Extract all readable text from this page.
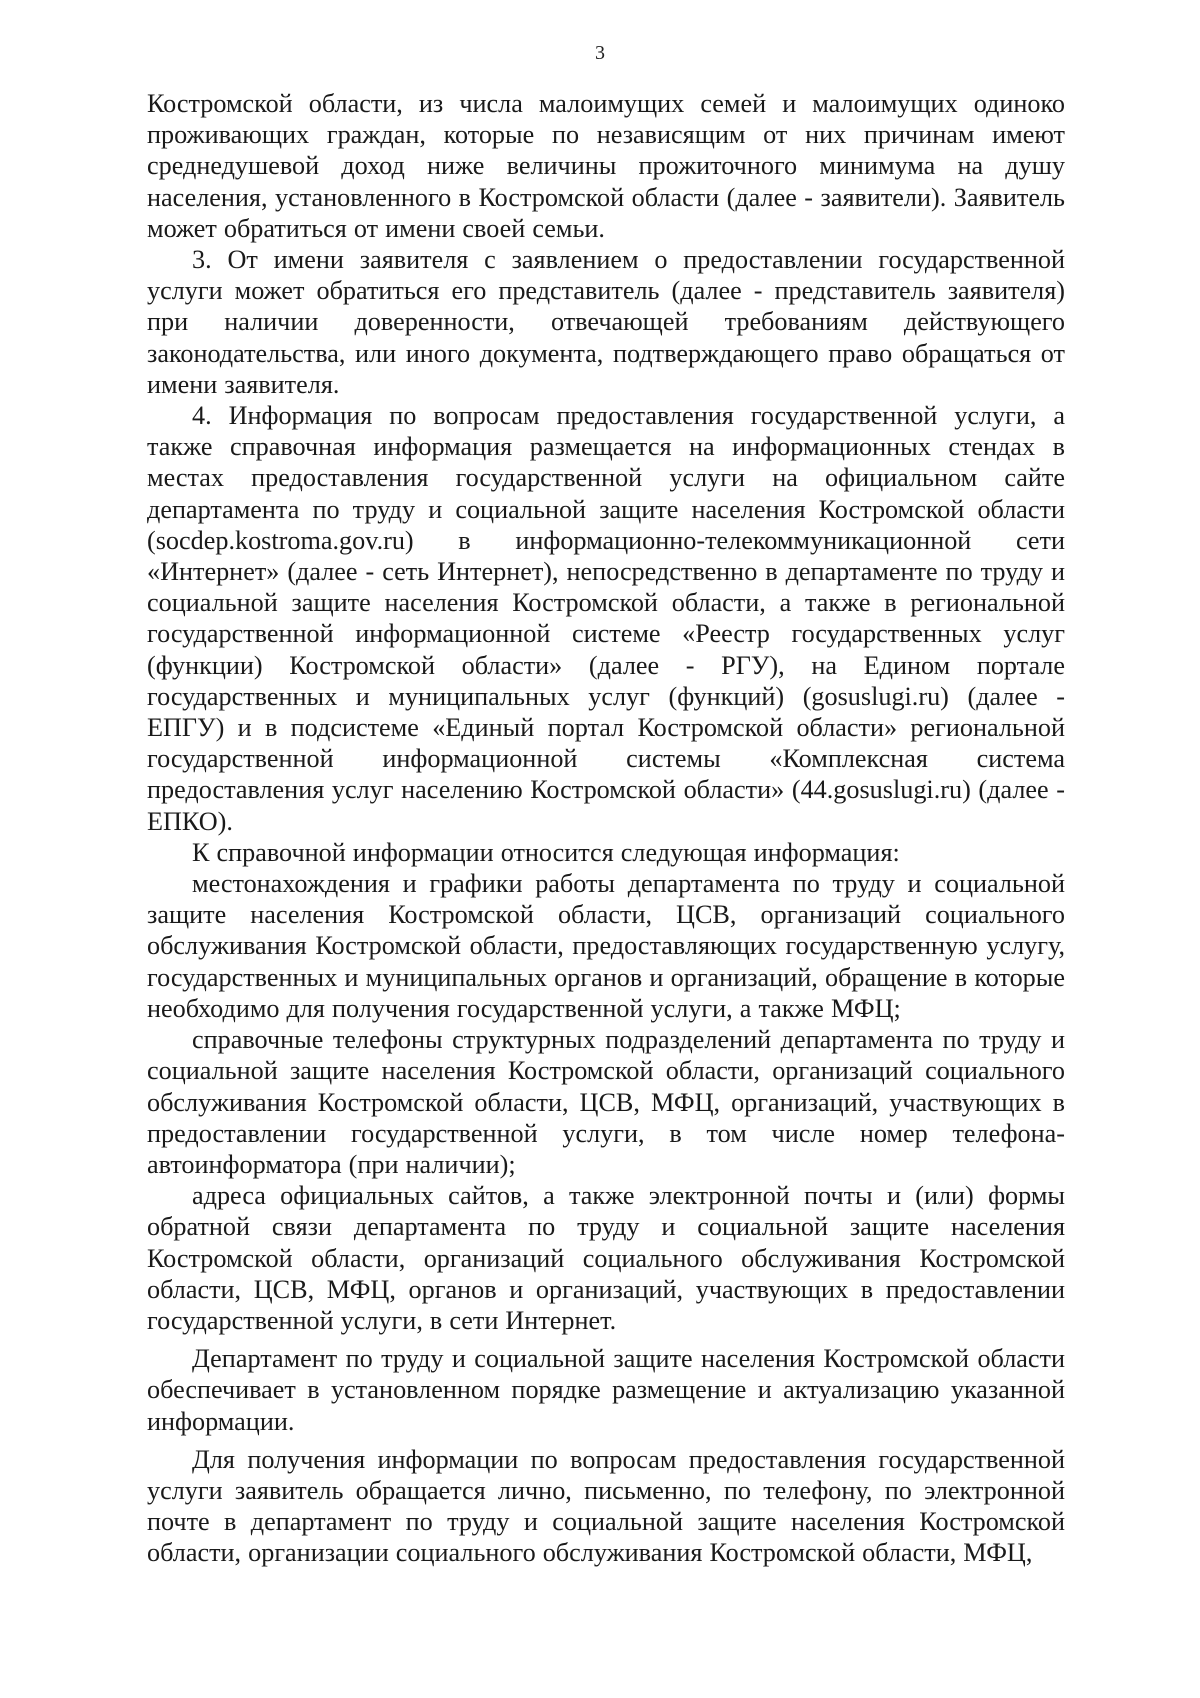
3

Костромской области, из числа малоимущих семей и малоимущих одиноко проживающих граждан, которые по независящим от них причинам имеют среднедушевой доход ниже величины прожиточного минимума на душу населения, установленного в Костромской области (далее - заявители). Заявитель может обратиться от имени своей семьи.

3. От имени заявителя с заявлением о предоставлении государственной услуги может обратиться его представитель (далее - представитель заявителя) при наличии доверенности, отвечающей требованиям действующего законодательства, или иного документа, подтверждающего право обращаться от имени заявителя.

4. Информация по вопросам предоставления государственной услуги, а также справочная информация размещается на информационных стендах в местах предоставления государственной услуги на официальном сайте департамента по труду и социальной защите населения Костромской области (socdep.kostroma.gov.ru) в информационно-телекоммуникационной сети «Интернет» (далее - сеть Интернет), непосредственно в департаменте по труду и социальной защите населения Костромской области, а также в региональной государственной информационной системе «Реестр государственных услуг (функции) Костромской области» (далее - РГУ), на Едином портале государственных и муниципальных услуг (функций) (gosuslugi.ru) (далее - ЕПГУ) и в подсистеме «Единый портал Костромской области» региональной государственной информационной системы «Комплексная система предоставления услуг населению Костромской области» (44.gosuslugi.ru) (далее - ЕПКО).

К справочной информации относится следующая информация:

местонахождения и графики работы департамента по труду и социальной защите населения Костромской области, ЦСВ, организаций социального обслуживания Костромской области, предоставляющих государственную услугу, государственных и муниципальных органов и организаций, обращение в которые необходимо для получения государственной услуги, а также МФЦ;

справочные телефоны структурных подразделений департамента по труду и социальной защите населения Костромской области, организаций социального обслуживания Костромской области, ЦСВ, МФЦ, организаций, участвующих в предоставлении государственной услуги, в том числе номер телефона-автоинформатора (при наличии);

адреса официальных сайтов, а также электронной почты и (или) формы обратной связи департамента по труду и социальной защите населения Костромской области, организаций социального обслуживания Костромской области, ЦСВ, МФЦ, органов и организаций, участвующих в предоставлении государственной услуги, в сети Интернет.

Департамент по труду и социальной защите населения Костромской области обеспечивает в установленном порядке размещение и актуализацию указанной информации.

Для получения информации по вопросам предоставления государственной услуги заявитель обращается лично, письменно, по телефону, по электронной почте в департамент по труду и социальной защите населения Костромской области, организации социального обслуживания Костромской области, МФЦ,
